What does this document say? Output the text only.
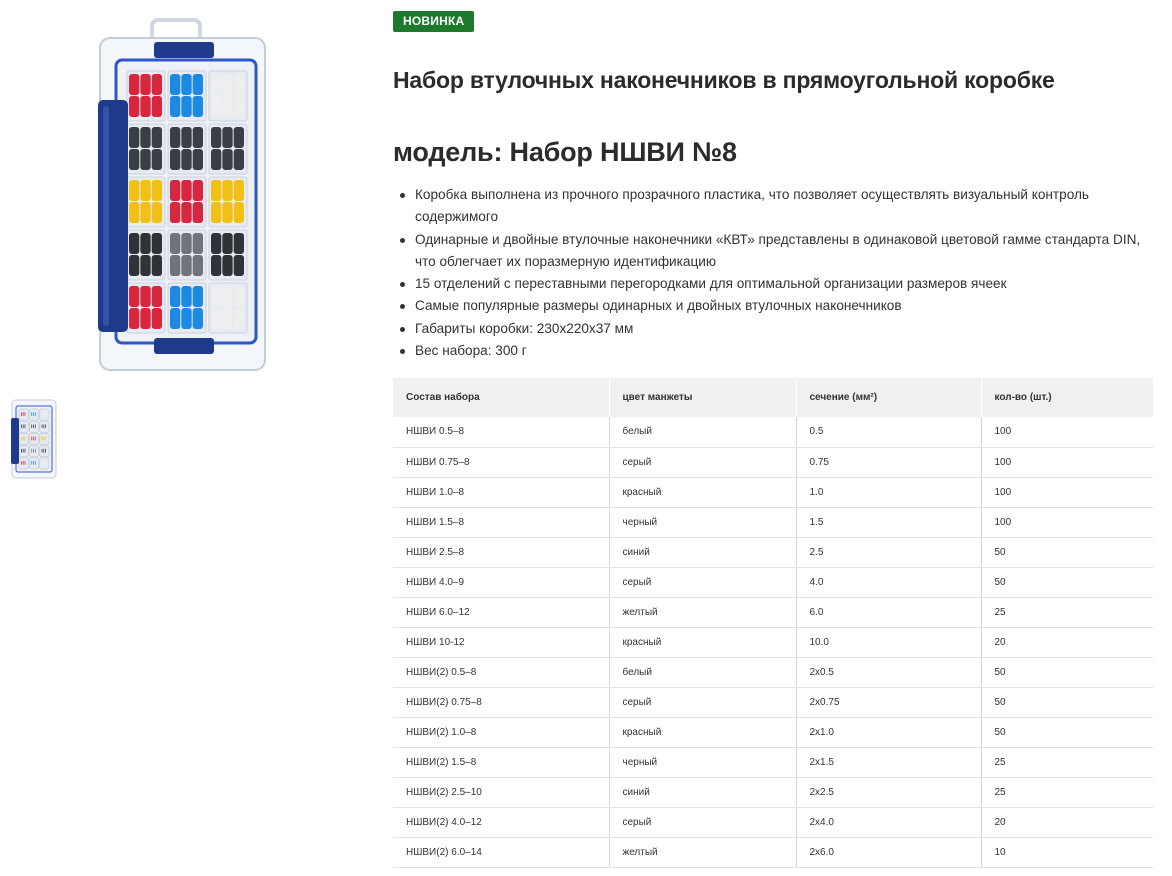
НОВИНКА
Набор втулочных наконечников в прямоугольной коробке
модель: Набор НШВИ №8
Коробка выполнена из прочного прозрачного пластика, что позволяет осуществлять визуальный контроль содержимого
Одинарные и двойные втулочные наконечники «КВТ» представлены в одинаковой цветовой гамме стандарта DIN, что облегчает их поразмерную идентификацию
15 отделений с переставными перегородками для оптимальной организации размеров ячеек
Самые популярные размеры одинарных и двойных втулочных наконечников
Габариты коробки: 230х220х37 мм
Вес набора: 300 г
Состав набора	цвет манжеты	сечение (мм²)	кол-во (шт.)
НШВИ 0.5–8	белый	0.5	100
НШВИ 0.75–8	серый	0.75	100
НШВИ 1.0–8	красный	1.0	100
НШВИ 1.5–8	черный	1.5	100
НШВИ 2.5–8	синий	2.5	50
НШВИ 4.0–9	серый	4.0	50
НШВИ 6.0–12	желтый	6.0	25
НШВИ 10-12	красный	10.0	20
НШВИ(2) 0.5–8	белый	2х0.5	50
НШВИ(2) 0.75–8	серый	2х0.75	50
НШВИ(2) 1.0–8	красный	2х1.0	50
НШВИ(2) 1.5–8	черный	2х1.5	25
НШВИ(2) 2.5–10	синий	2х2.5	25
НШВИ(2) 4.0–12	серый	2х4.0	20
НШВИ(2) 6.0–14	желтый	2х6.0	10
